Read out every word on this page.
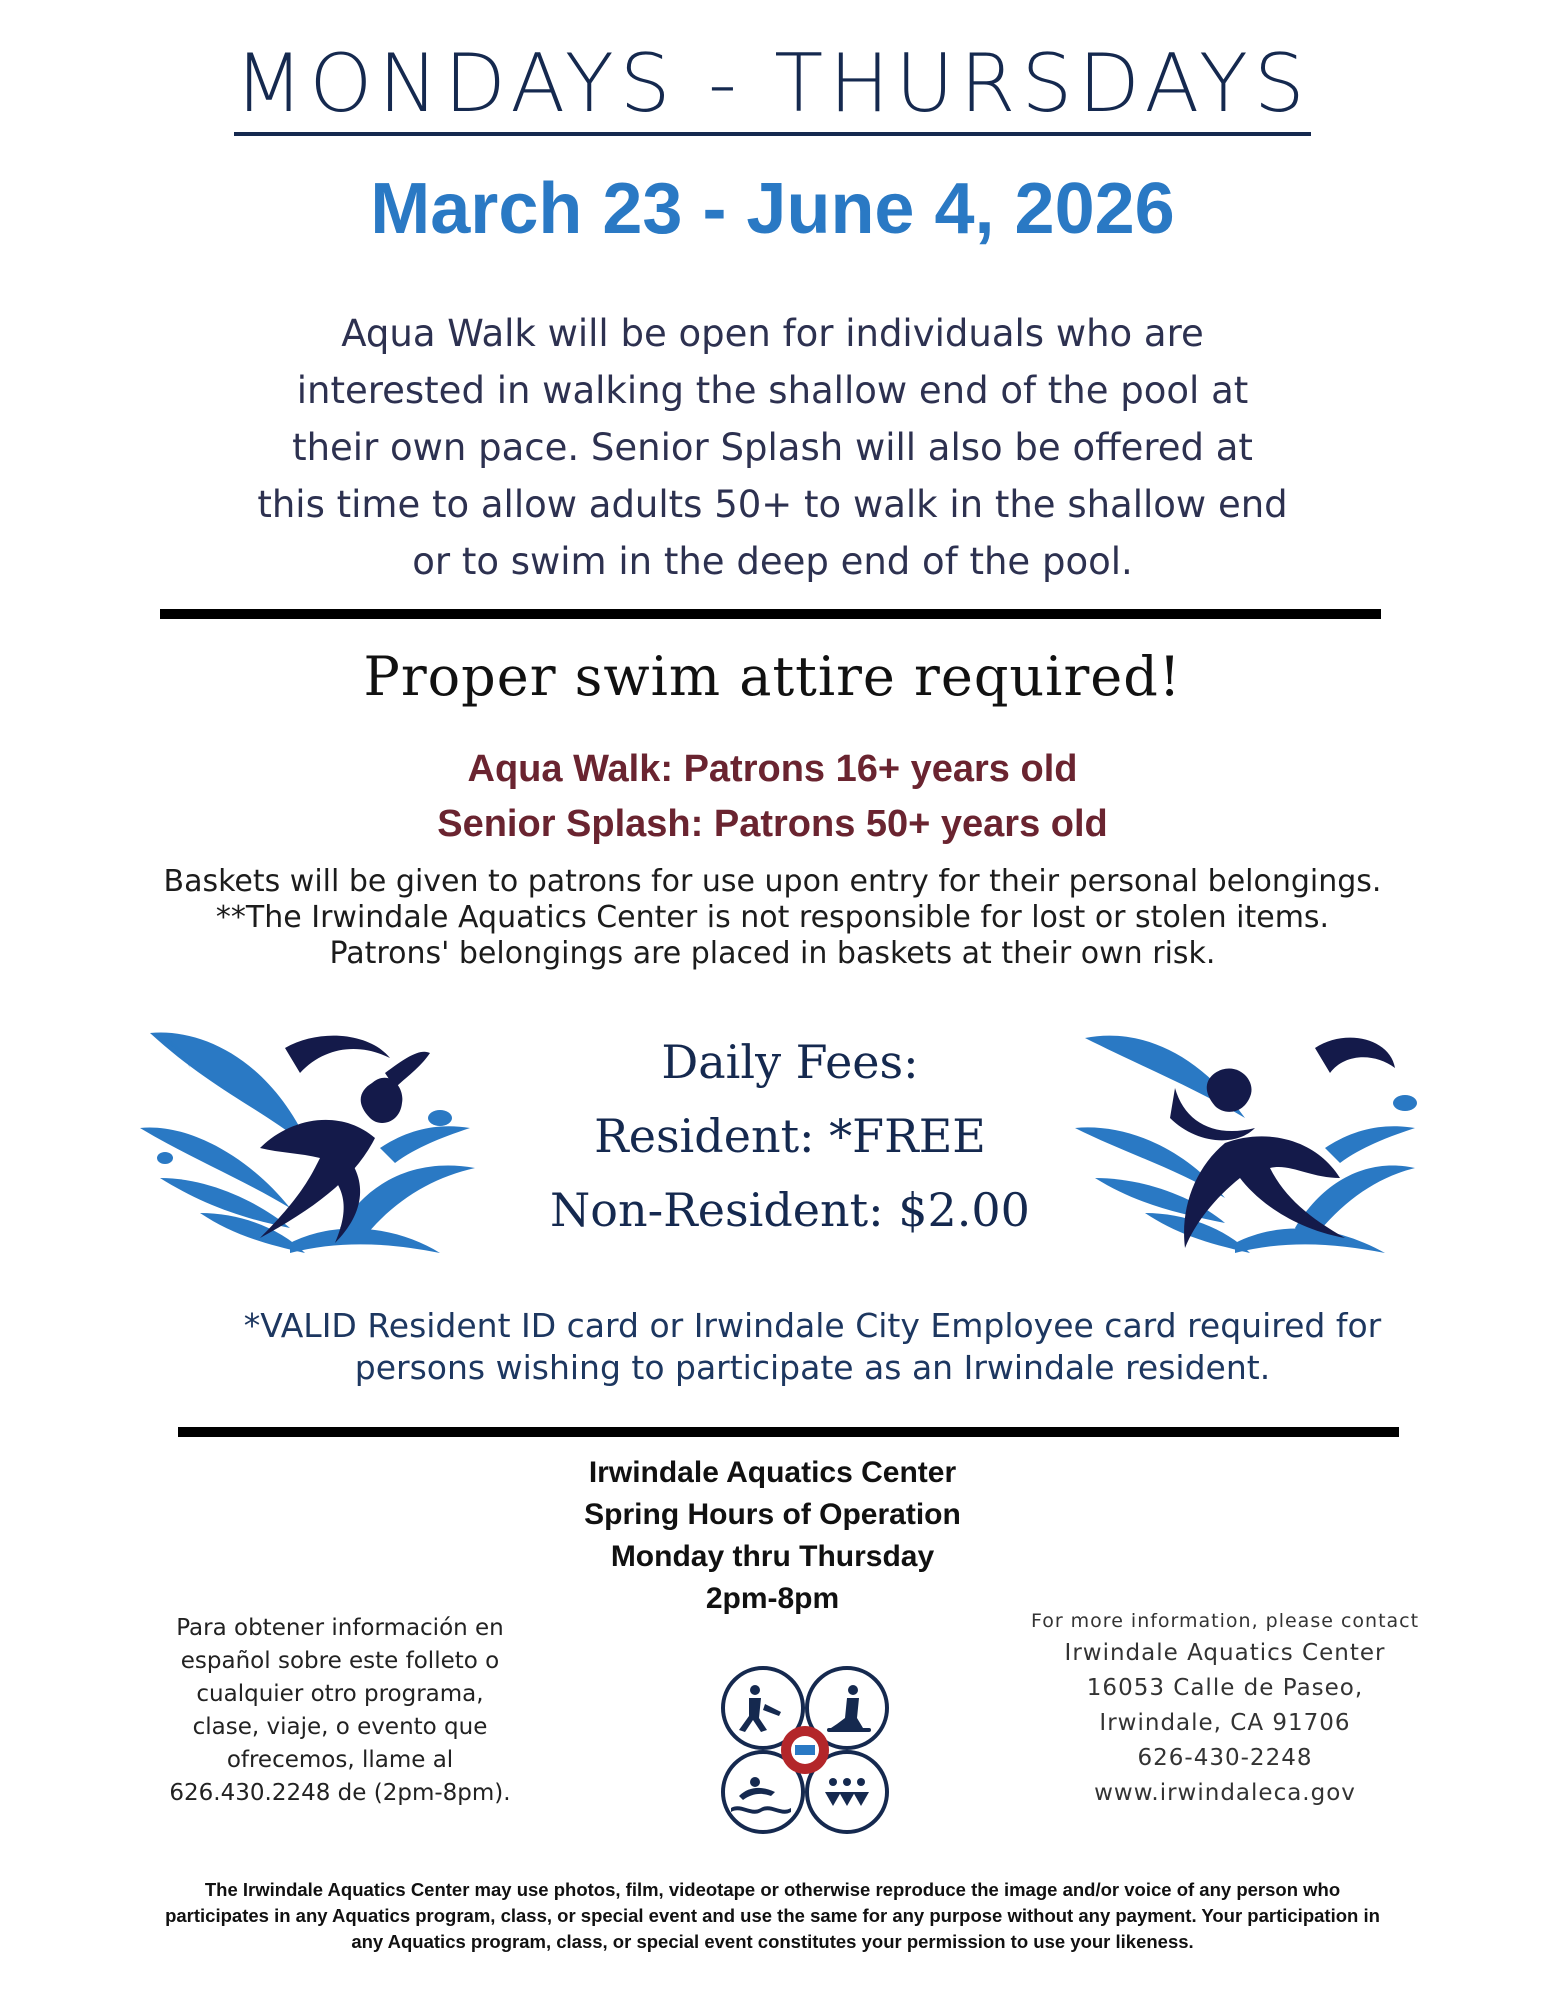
MONDAYS - THURSDAYS
March 23 - June 4, 2026
Aqua Walk will be open for individuals who are
interested in walking the shallow end of the pool at
their own pace. Senior Splash will also be offered at
this time to allow adults 50+ to walk in the shallow end
or to swim in the deep end of the pool.
Proper swim attire required!
Aqua Walk: Patrons 16+ years old
Senior Splash: Patrons 50+ years old
Baskets will be given to patrons for use upon entry for their personal belongings.
**The Irwindale Aquatics Center is not responsible for lost or stolen items.
Patrons' belongings are placed in baskets at their own risk.
Daily Fees:
Resident: *FREE
Non-Resident: $2.00
*VALID Resident ID card or Irwindale City Employee card required for
persons wishing to participate as an Irwindale resident.
Irwindale Aquatics Center
Spring Hours of Operation
Monday thru Thursday
2pm-8pm
Para obtener información en
español sobre este folleto o
cualquier otro programa,
clase, viaje, o evento que
ofrecemos, llame al
626.430.2248 de (2pm-8pm).
For more information, please contact
Irwindale Aquatics Center
16053 Calle de Paseo,
Irwindale, CA 91706
626-430-2248
www.irwindaleca.gov
The Irwindale Aquatics Center may use photos, film, videotape or otherwise reproduce the image and/or voice of any person who
participates in any Aquatics program, class, or special event and use the same for any purpose without any payment. Your participation in
any Aquatics program, class, or special event constitutes your permission to use your likeness.
